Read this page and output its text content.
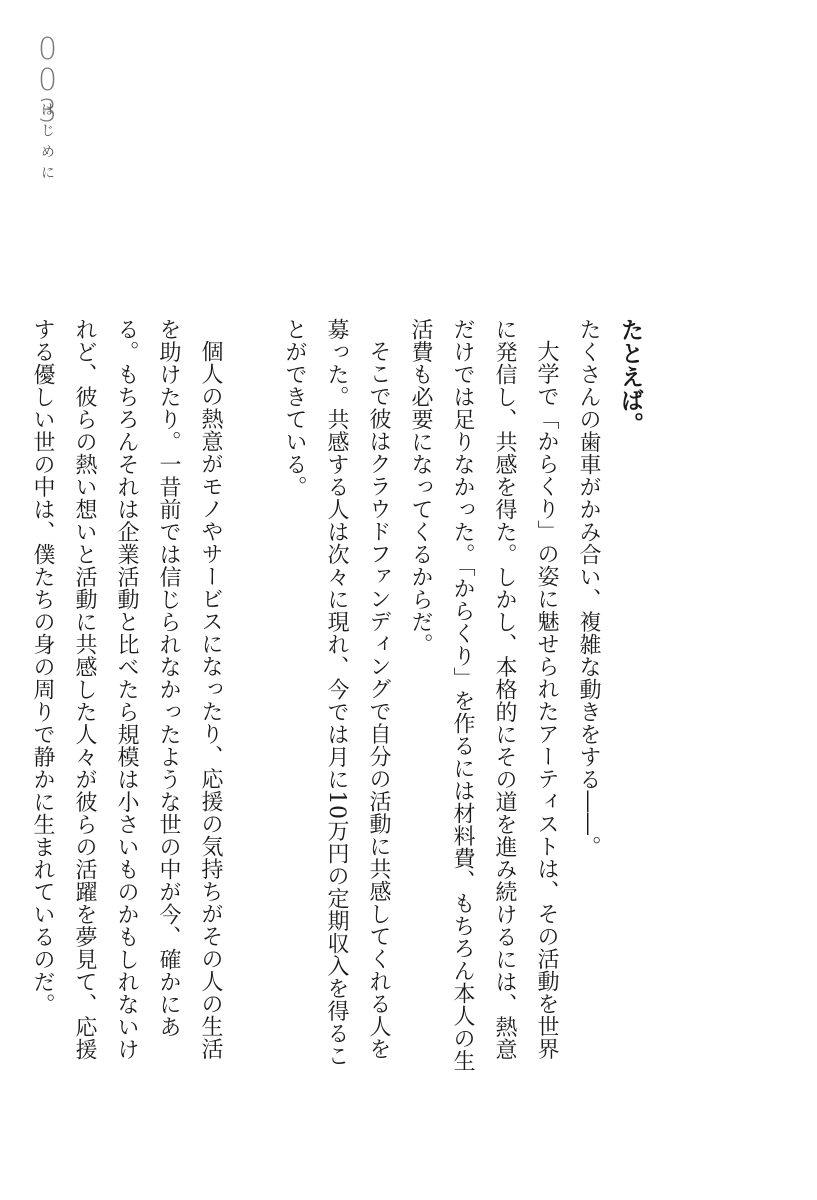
003
はじめに

たとえば。

たくさんの歯車がかみ合い、複雑な動きをする――。

大学で「からくり」の姿に魅せられたアーティストは、その活動を世界に発信し、共感を得た。しかし、本格的にその道を進み続けるには、熱意だけでは足りなかった。「からくり」を作るには材料費、もちろん本人の生活費も必要になってくるからだ。

そこで彼はクラウドファンディングで自分の活動に共感してくれる人を募った。共感する人は次々に現れ、今では月に10万円の定期収入を得ることができている。

個人の熱意がモノやサービスになったり、応援の気持ちがその人の生活を助けたり。一昔前では信じられなかったような世の中が今、確かにある。もちろんそれは企業活動と比べたら規模は小さいものかもしれないけれど、彼らの熱い想いと活動に共感した人々が彼らの活躍を夢見て、応援する優しい世の中は、僕たちの身の周りで静かに生まれているのだ。
